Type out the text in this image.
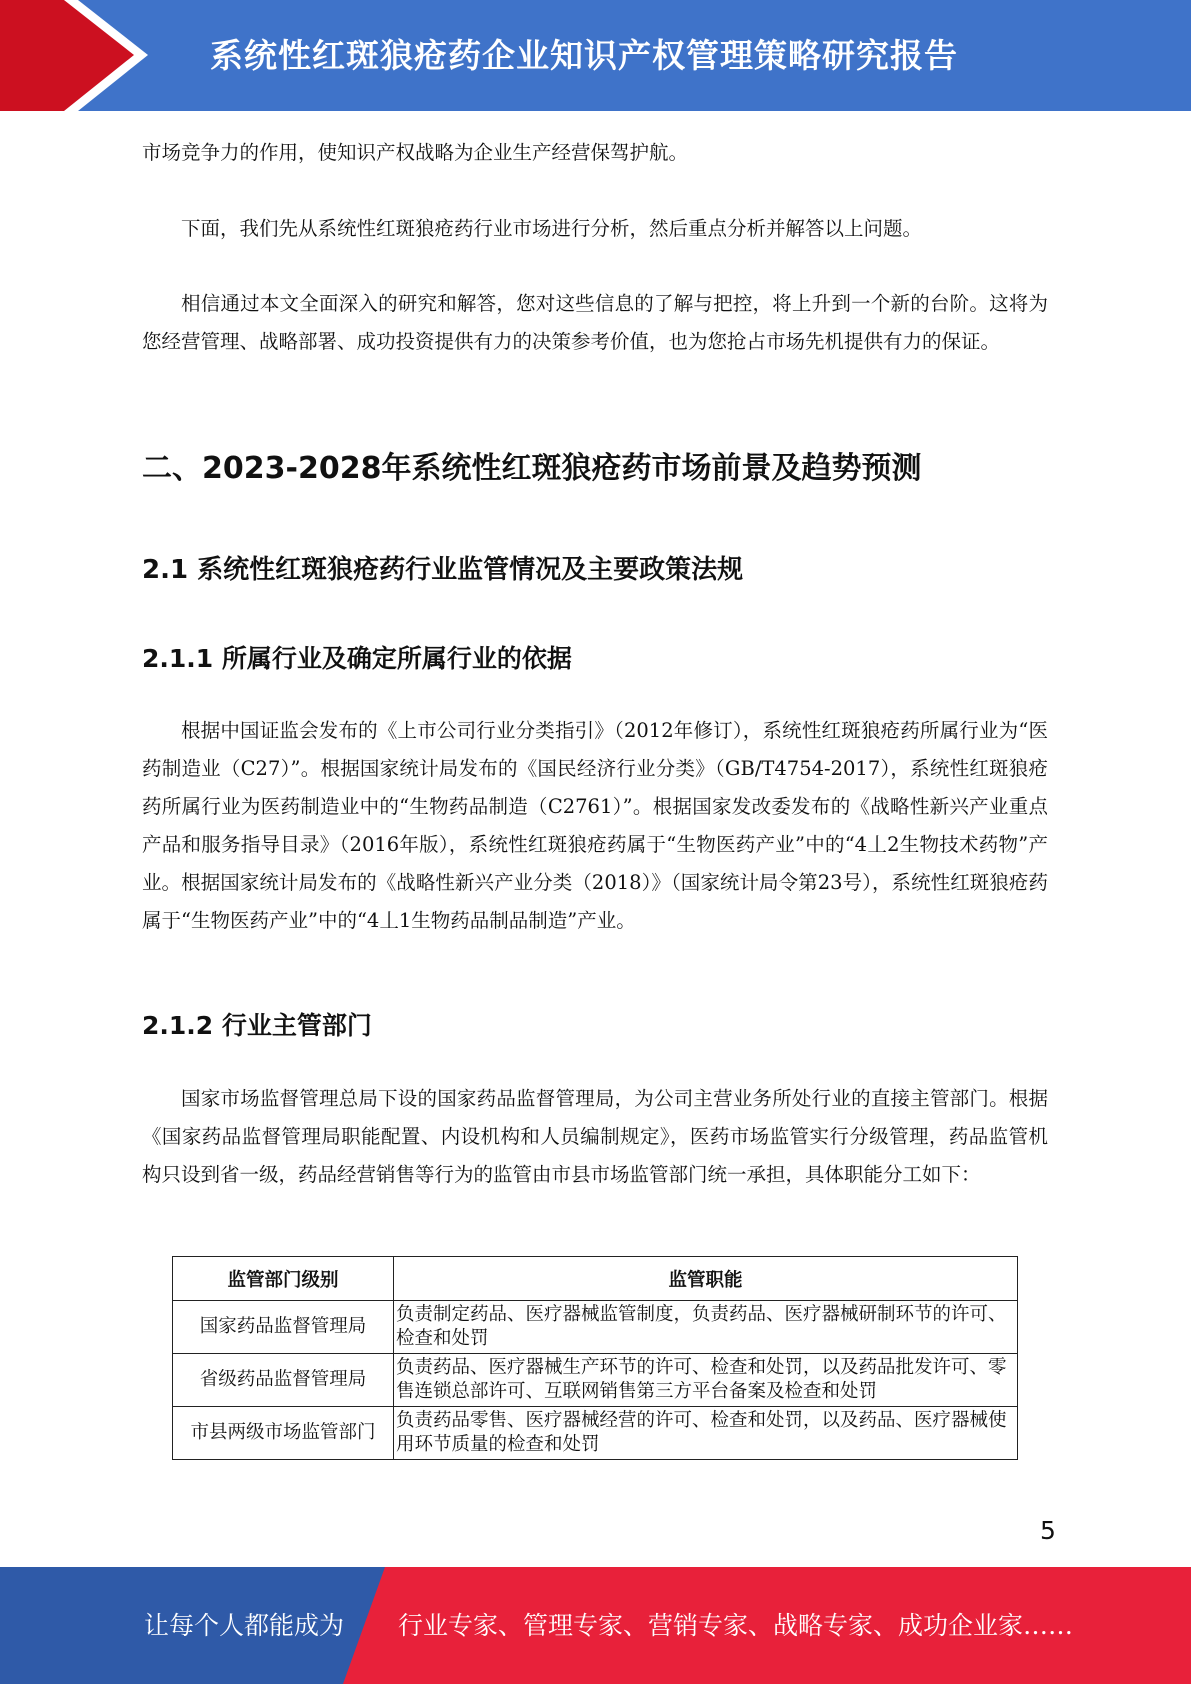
系统性红斑狼疮药企业知识产权管理策略研究报告

市场竞争力的作用，使知识产权战略为企业生产经营保驾护航。

下面，我们先从系统性红斑狼疮药行业市场进行分析，然后重点分析并解答以上问题。

相信通过本文全面深入的研究和解答，您对这些信息的了解与把控，将上升到一个新的台阶。这将为您经营管理、战略部署、成功投资提供有力的决策参考价值，也为您抢占市场先机提供有力的保证。

二、2023-2028年系统性红斑狼疮药市场前景及趋势预测
2.1 系统性红斑狼疮药行业监管情况及主要政策法规
2.1.1 所属行业及确定所属行业的依据

根据中国证监会发布的《上市公司行业分类指引》（2012年修订），系统性红斑狼疮药所属行业为“医药制造业（C27）”。根据国家统计局发布的《国民经济行业分类》（GB/T4754-2017），系统性红斑狼疮药所属行业为医药制造业中的“生物药品制造（C2761）”。根据国家发改委发布的《战略性新兴产业重点产品和服务指导目录》（2016年版），系统性红斑狼疮药属于“生物医药产业”中的“4丄2生物技术药物”产业。根据国家统计局发布的《战略性新兴产业分类（2018）》（国家统计局令第23号），系统性红斑狼疮药属于“生物医药产业”中的“4丄1生物药品制品制造”产业。

2.1.2 行业主管部门

国家市场监督管理总局下设的国家药品监督管理局，为公司主营业务所处行业的直接主管部门。根据《国家药品监督管理局职能配置、内设机构和人员编制规定》，医药市场监管实行分级管理，药品监管机构只设到省一级，药品经营销售等行为的监管由市县市场监管部门统一承担，具体职能分工如下：

监管部门级别	监管职能
国家药品监督管理局	负责制定药品、医疗器械监管制度，负责药品、医疗器械研制环节的许可、检查和处罚
省级药品监督管理局	负责药品、医疗器械生产环节的许可、检查和处罚，以及药品批发许可、零售连锁总部许可、互联网销售第三方平台备案及检查和处罚
市县两级市场监管部门	负责药品零售、医疗器械经营的许可、检查和处罚，以及药品、医疗器械使用环节质量的检查和处罚
5
让每个人都能成为 行业专家、管理专家、营销专家、战略专家、成功企业家……
